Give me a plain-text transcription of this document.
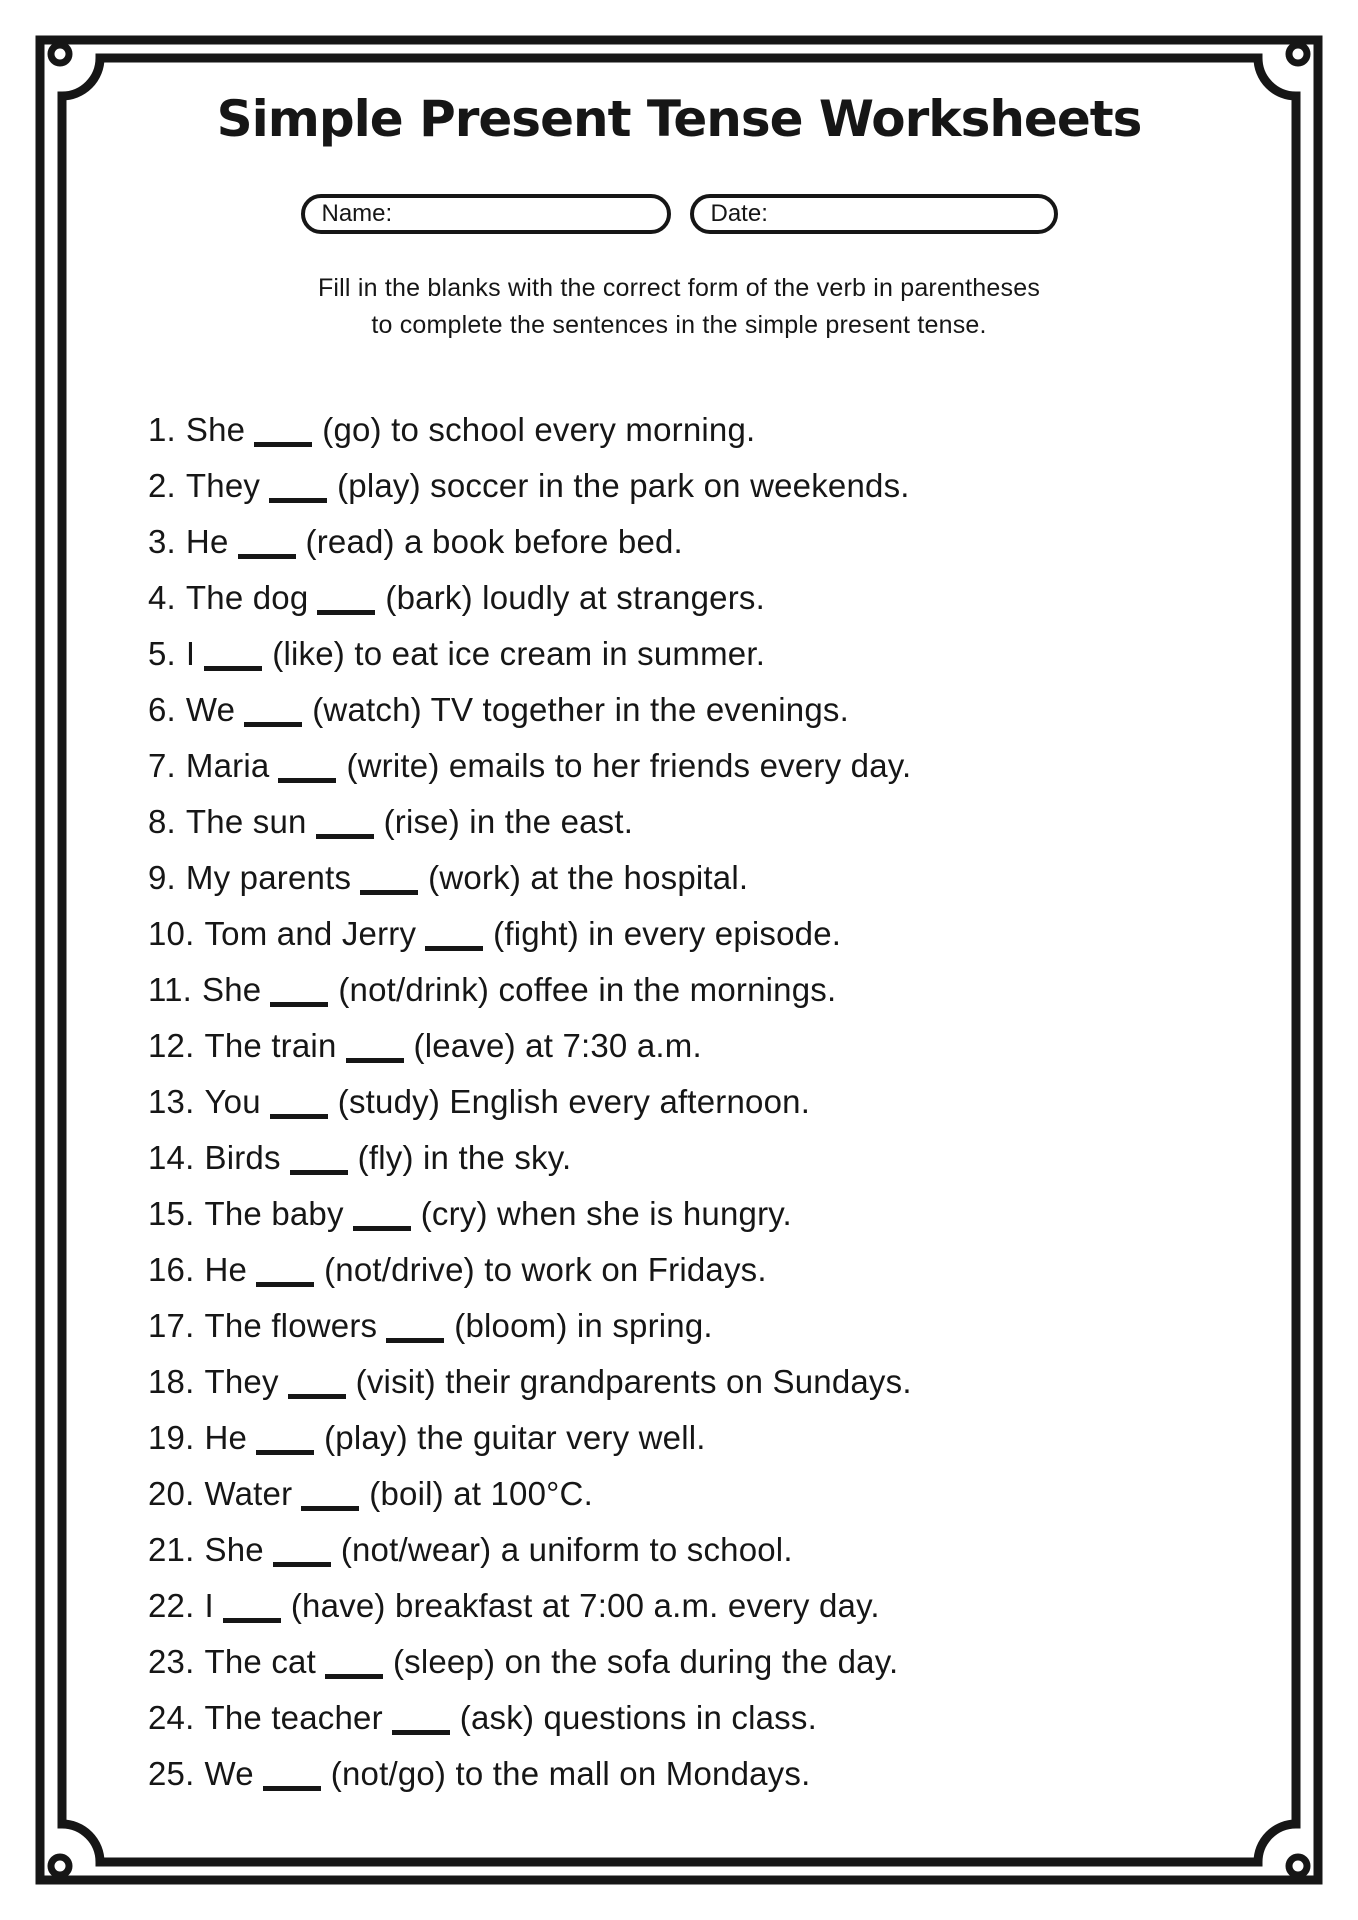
Simple Present Tense Worksheets
Name:	Date:
Fill in the blanks with the correct form of the verb in parentheses
to complete the sentences in the simple present tense.
1. She (go) to school every morning.
2. They (play) soccer in the park on weekends.
3. He (read) a book before bed.
4. The dog (bark) loudly at strangers.
5. I (like) to eat ice cream in summer.
6. We (watch) TV together in the evenings.
7. Maria (write) emails to her friends every day.
8. The sun (rise) in the east.
9. My parents (work) at the hospital.
10. Tom and Jerry (fight) in every episode.
11. She (not/drink) coffee in the mornings.
12. The train (leave) at 7:30 a.m.
13. You (study) English every afternoon.
14. Birds (fly) in the sky.
15. The baby (cry) when she is hungry.
16. He (not/drive) to work on Fridays.
17. The flowers (bloom) in spring.
18. They (visit) their grandparents on Sundays.
19. He (play) the guitar very well.
20. Water (boil) at 100°C.
21. She (not/wear) a uniform to school.
22. I (have) breakfast at 7:00 a.m. every day.
23. The cat (sleep) on the sofa during the day.
24. The teacher (ask) questions in class.
25. We (not/go) to the mall on Mondays.
